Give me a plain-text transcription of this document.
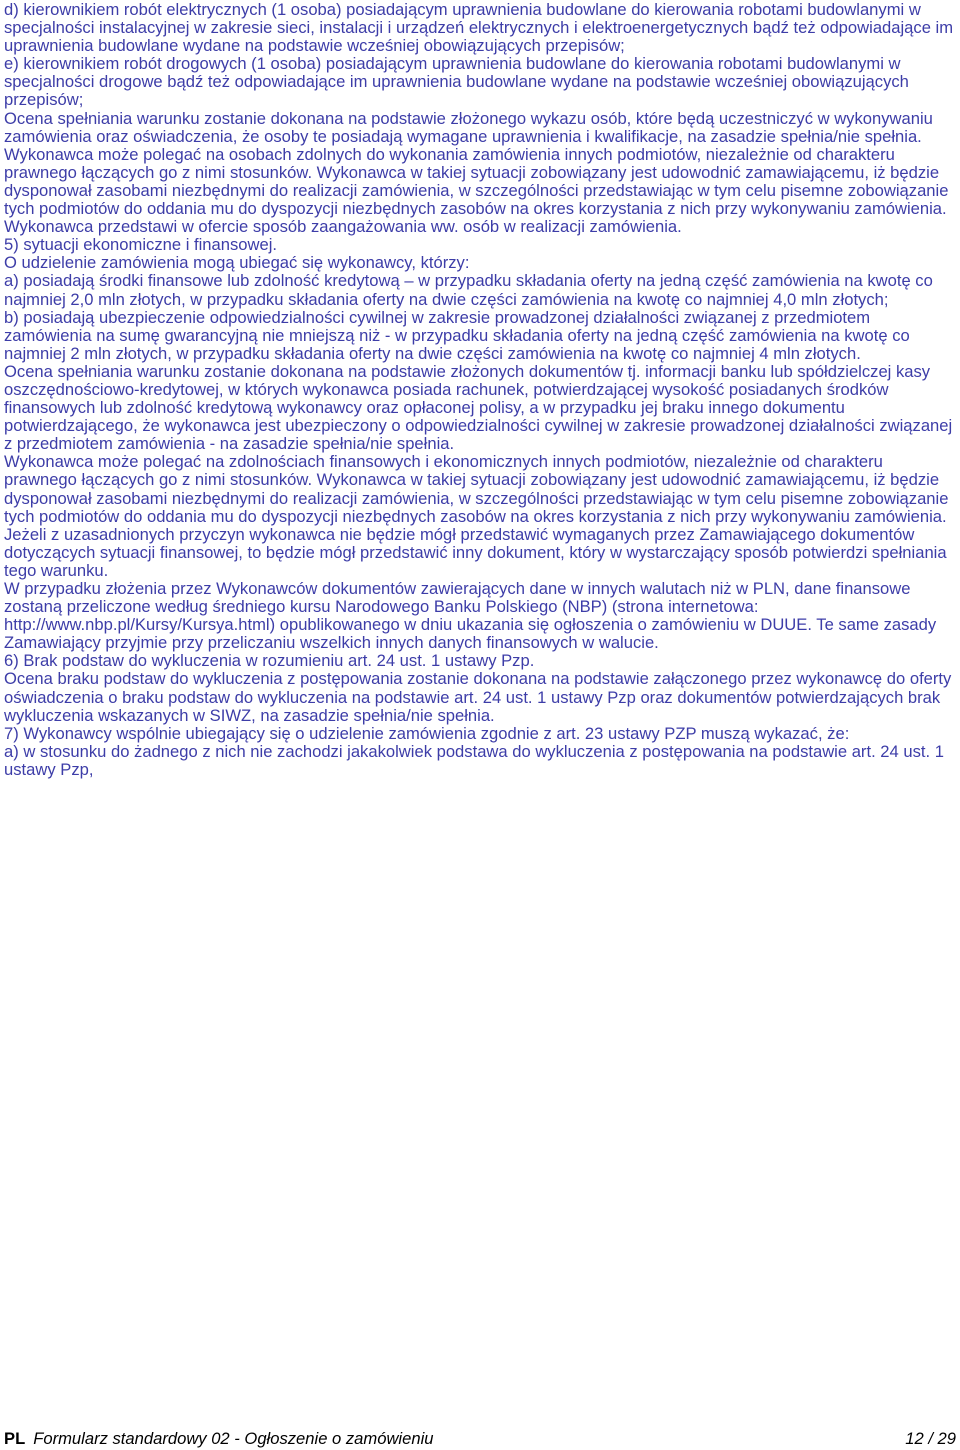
d) kierownikiem robót elektrycznych (1 osoba) posiadającym uprawnienia budowlane do kierowania robotami budowlanymi w specjalności instalacyjnej w zakresie sieci, instalacji i urządzeń elektrycznych i elektroenergetycznych bądź też odpowiadające im uprawnienia budowlane wydane na podstawie wcześniej obowiązujących przepisów;

e) kierownikiem robót drogowych (1 osoba) posiadającym uprawnienia budowlane do kierowania robotami budowlanymi w specjalności drogowe bądź też odpowiadające im uprawnienia budowlane wydane na podstawie wcześniej obowiązujących przepisów;

Ocena spełniania warunku zostanie dokonana na podstawie złożonego wykazu osób, które będą uczestniczyć w wykonywaniu zamówienia oraz oświadczenia, że osoby te posiadają wymagane uprawnienia i kwalifikacje, na zasadzie spełnia/nie spełnia.

Wykonawca może polegać na osobach zdolnych do wykonania zamówienia innych podmiotów, niezależnie od charakteru prawnego łączących go z nimi stosunków. Wykonawca w takiej sytuacji zobowiązany jest udowodnić zamawiającemu, iż będzie dysponował zasobami niezbędnymi do realizacji zamówienia, w szczególności przedstawiając w tym celu pisemne zobowiązanie tych podmiotów do oddania mu do dyspozycji niezbędnych zasobów na okres korzystania z nich przy wykonywaniu zamówienia.

Wykonawca przedstawi w ofercie sposób zaangażowania ww. osób w realizacji zamówienia.

5) sytuacji ekonomiczne i finansowej.

O udzielenie zamówienia mogą ubiegać się wykonawcy, którzy:

a) posiadają środki finansowe lub zdolność kredytową – w przypadku składania oferty na jedną część zamówienia na kwotę co najmniej 2,0 mln złotych, w przypadku składania oferty na dwie części zamówienia na kwotę co najmniej 4,0 mln złotych;

b) posiadają ubezpieczenie odpowiedzialności cywilnej w zakresie prowadzonej działalności związanej z przedmiotem zamówienia na sumę gwarancyjną nie mniejszą niż - w przypadku składania oferty na jedną część zamówienia na kwotę co najmniej 2 mln złotych, w przypadku składania oferty na dwie części zamówienia na kwotę co najmniej 4 mln złotych.

Ocena spełniania warunku zostanie dokonana na podstawie złożonych dokumentów tj. informacji banku lub spółdzielczej kasy oszczędnościowo-kredytowej, w których wykonawca posiada rachunek, potwierdzającej wysokość posiadanych środków finansowych lub zdolność kredytową wykonawcy oraz opłaconej polisy, a w przypadku jej braku innego dokumentu potwierdzającego, że wykonawca jest ubezpieczony o odpowiedzialności cywilnej w zakresie prowadzonej działalności związanej z przedmiotem zamówienia - na zasadzie spełnia/nie spełnia.

Wykonawca może polegać na zdolnościach finansowych i ekonomicznych innych podmiotów, niezależnie od charakteru prawnego łączących go z nimi stosunków. Wykonawca w takiej sytuacji zobowiązany jest udowodnić zamawiającemu, iż będzie dysponował zasobami niezbędnymi do realizacji zamówienia, w szczególności przedstawiając w tym celu pisemne zobowiązanie tych podmiotów do oddania mu do dyspozycji niezbędnych zasobów na okres korzystania z nich przy wykonywaniu zamówienia.

Jeżeli z uzasadnionych przyczyn wykonawca nie będzie mógł przedstawić wymaganych przez Zamawiającego dokumentów dotyczących sytuacji finansowej, to będzie mógł przedstawić inny dokument, który w wystarczający sposób potwierdzi spełniania tego warunku.

W przypadku złożenia przez Wykonawców dokumentów zawierających dane w innych walutach niż w PLN, dane finansowe zostaną przeliczone według średniego kursu Narodowego Banku Polskiego (NBP) (strona internetowa: http://www.nbp.pl/Kursy/Kursya.html) opublikowanego w dniu ukazania się ogłoszenia o zamówieniu w DUUE. Te same zasady Zamawiający przyjmie przy przeliczaniu wszelkich innych danych finansowych w walucie.

6) Brak podstaw do wykluczenia w rozumieniu art. 24 ust. 1 ustawy Pzp.

Ocena braku podstaw do wykluczenia z postępowania zostanie dokonana na podstawie załączonego przez wykonawcę do oferty oświadczenia o braku podstaw do wykluczenia na podstawie art. 24 ust. 1 ustawy Pzp oraz dokumentów potwierdzających brak wykluczenia wskazanych w SIWZ, na zasadzie spełnia/nie spełnia.

7) Wykonawcy wspólnie ubiegający się o udzielenie zamówienia zgodnie z art. 23 ustawy PZP muszą wykazać, że:

a) w stosunku do żadnego z nich nie zachodzi jakakolwiek podstawa do wykluczenia z postępowania na podstawie art. 24 ust. 1 ustawy Pzp,

PL Formularz standardowy 02 - Ogłoszenie o zamówieniu	12 / 29
